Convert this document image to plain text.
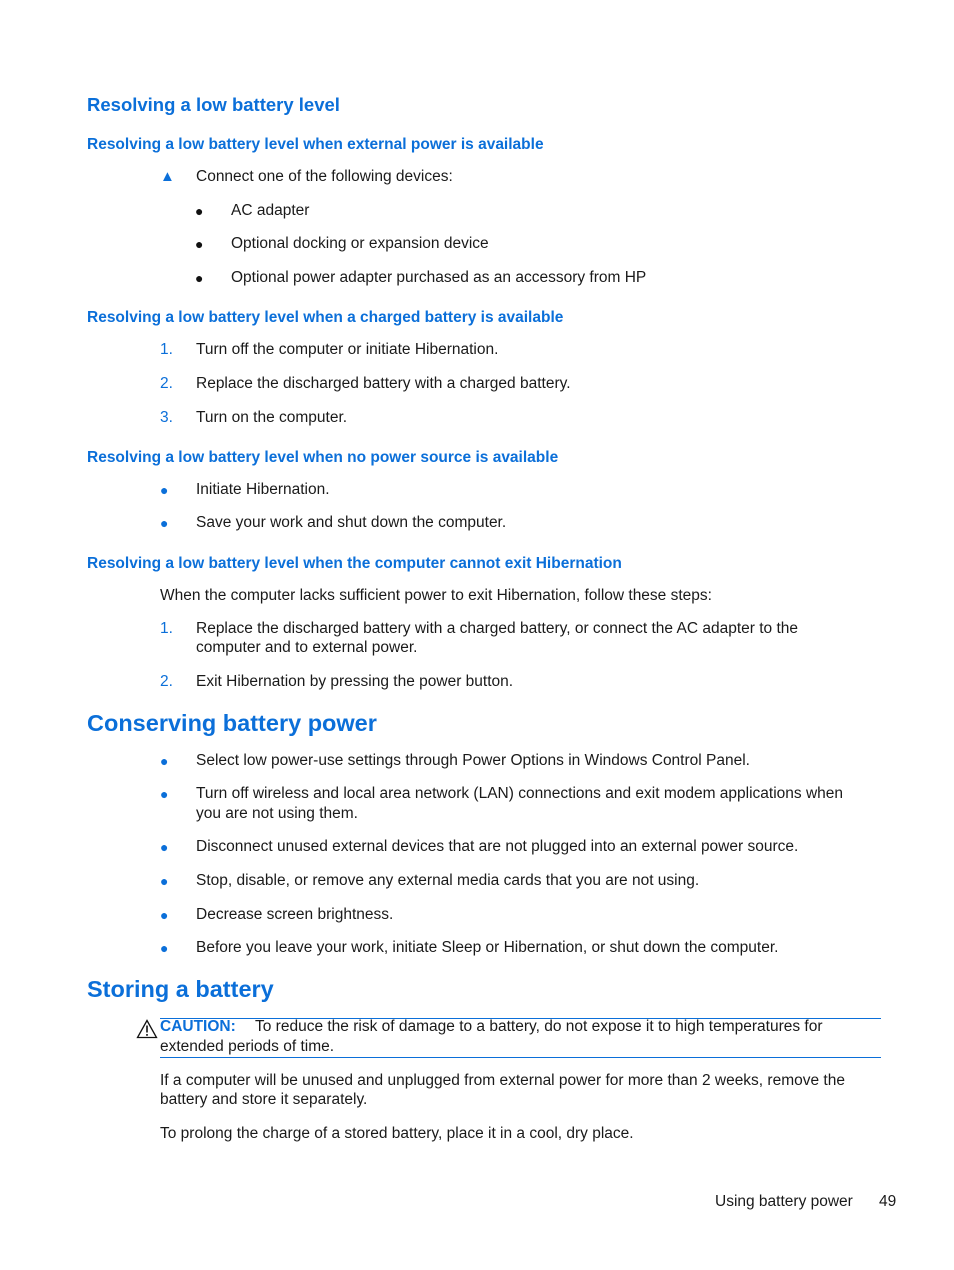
Resolving a low battery level
Resolving a low battery level when external power is available
▲ Connect one of the following devices:
● AC adapter
● Optional docking or expansion device
● Optional power adapter purchased as an accessory from HP
Resolving a low battery level when a charged battery is available
1. Turn off the computer or initiate Hibernation.
2. Replace the discharged battery with a charged battery.
3. Turn on the computer.
Resolving a low battery level when no power source is available
● Initiate Hibernation.
● Save your work and shut down the computer.
Resolving a low battery level when the computer cannot exit Hibernation
When the computer lacks sufficient power to exit Hibernation, follow these steps:
1. Replace the discharged battery with a charged battery, or connect the AC adapter to the
computer and to external power.
2. Exit Hibernation by pressing the power button.
Conserving battery power
● Select low power-use settings through Power Options in Windows Control Panel.
● Turn off wireless and local area network (LAN) connections and exit modem applications when
you are not using them.
● Disconnect unused external devices that are not plugged into an external power source.
● Stop, disable, or remove any external media cards that you are not using.
● Decrease screen brightness.
● Before you leave your work, initiate Sleep or Hibernation, or shut down the computer.
Storing a battery
CAUTION: To reduce the risk of damage to a battery, do not expose it to high temperatures for
extended periods of time.
If a computer will be unused and unplugged from external power for more than 2 weeks, remove the
battery and store it separately.
To prolong the charge of a stored battery, place it in a cool, dry place.
Using battery power 49
